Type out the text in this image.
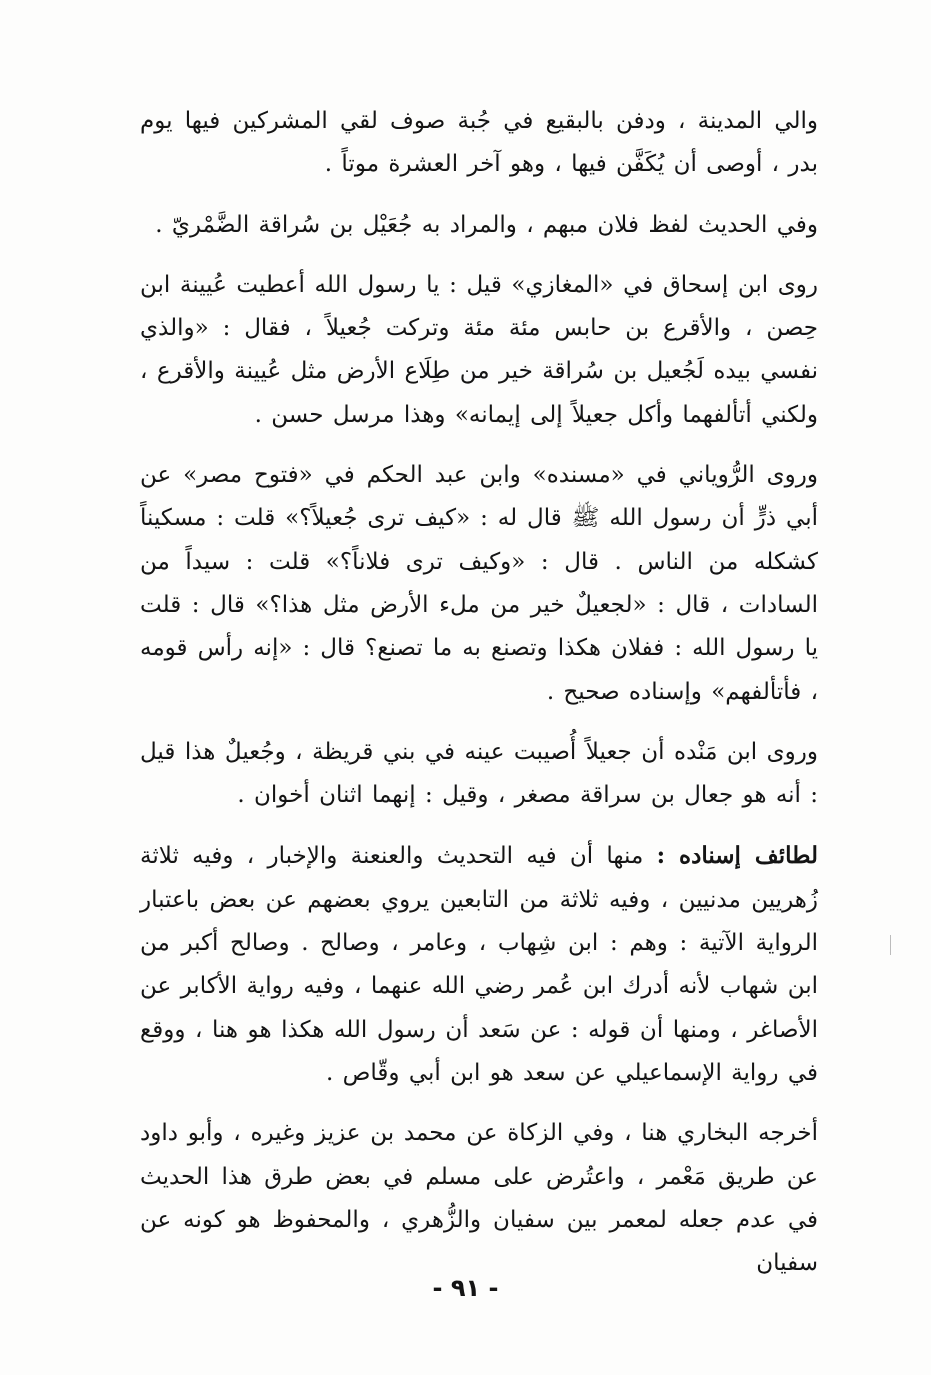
والي المدينة ، ودفن بالبقيع في جُبة صوف لقي المشركين فيها يوم بدر ، أوصى أن يُكَفَّن فيها ، وهو آخر العشرة موتاً .

وفي الحديث لفظ فلان مبهم ، والمراد به جُعَيْل بن سُراقة الضَّمْريّ .

روى ابن إسحاق في «المغازي» قيل : يا رسول الله أعطيت عُيينة ابن حِصن ، والأقرع بن حابس مئة مئة وتركت جُعيلاً ، فقال : «والذي نفسي بيده لَجُعيل بن سُراقة خير من طِلَاع الأرض مثل عُيينة والأقرع ، ولكني أتألفهما وأكل جعيلاً إلى إيمانه» وهذا مرسل حسن .

وروى الرُّوياني في «مسنده» وابن عبد الحكم في «فتوح مصر» عن أبي ذرٍّ أن رسول الله ﷺ قال له : «كيف ترى جُعيلاً؟» قلت : مسكيناً كشكله من الناس . قال : «وكيف ترى فلاناً؟» قلت : سيداً من السادات ، قال : «لجعيلٌ خير من ملء الأرض مثل هذا؟» قال : قلت يا رسول الله : ففلان هكذا وتصنع به ما تصنع؟ قال : «إنه رأس قومه ، فأتألفهم» وإسناده صحيح .

وروى ابن مَنْده أن جعيلاً أُصيبت عينه في بني قريظة ، وجُعيلٌ هذا قيل : أنه هو جعال بن سراقة مصغر ، وقيل : إنهما اثنان أخوان .

لطائف إسناده : منها أن فيه التحديث والعنعنة والإخبار ، وفيه ثلاثة زُهريين مدنيين ، وفيه ثلاثة من التابعين يروي بعضهم عن بعض باعتبار الرواية الآتية : وهم : ابن شِهاب ، وعامر ، وصالح . وصالح أكبر من ابن شهاب لأنه أدرك ابن عُمر رضي الله عنهما ، وفيه رواية الأكابر عن الأصاغر ، ومنها أن قوله : عن سَعد أن رسول الله هكذا هو هنا ، ووقع في رواية الإسماعيلي عن سعد هو ابن أبي وقّاص .

أخرجه البخاري هنا ، وفي الزكاة عن محمد بن عزيز وغيره ، وأبو داود عن طريق مَعْمر ، واعتُرض على مسلم في بعض طرق هذا الحديث في عدم جعله لمعمر بين سفيان والزُّهري ، والمحفوظ هو كونه عن سفيان

- ٩١ -
